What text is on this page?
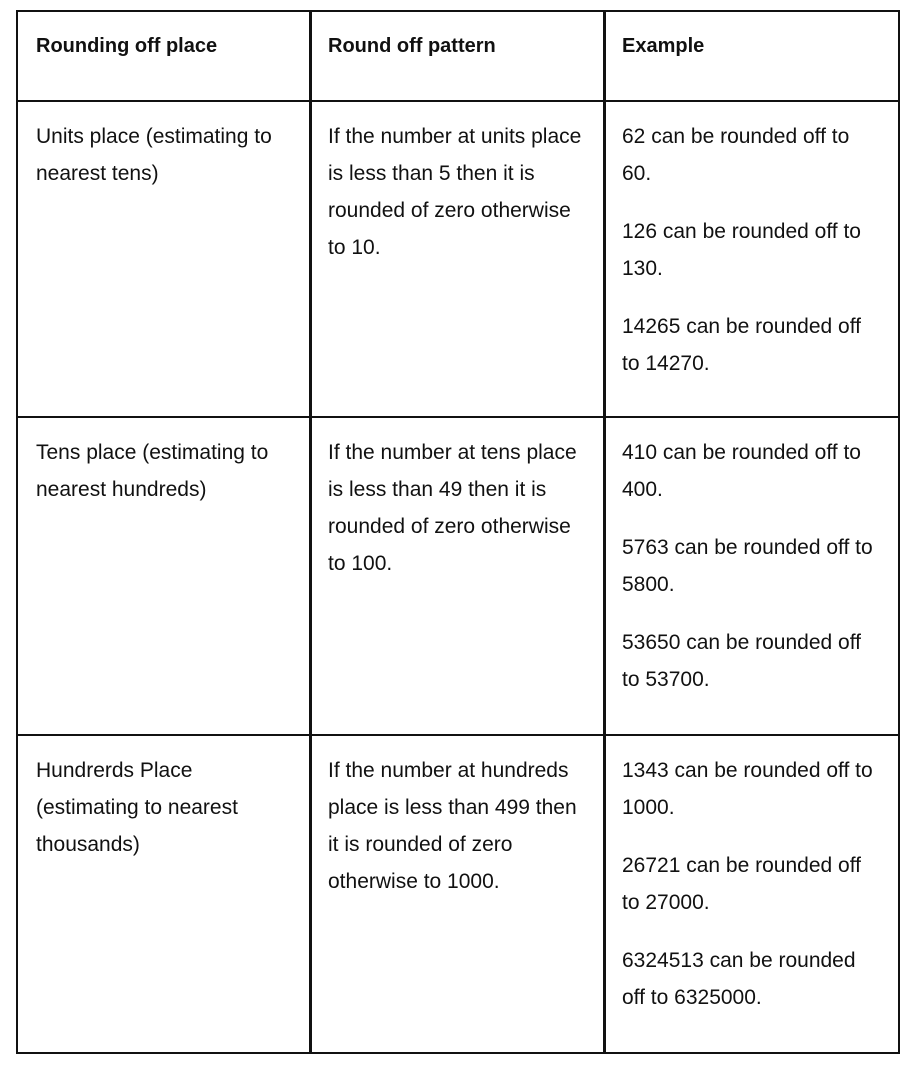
Rounding off place	Round off pattern	Example
Units place (estimating to nearest tens)
If the number at units place is less than 5 then it is rounded of zero otherwise to 10.

62 can be rounded off to 60.

126 can be rounded off to 130.

14265 can be rounded off to 14270.

Tens place (estimating to nearest hundreds)
If the number at tens place is less than 49 then it is rounded of zero otherwise to 100.

410 can be rounded off to 400.

5763 can be rounded off to 5800.

53650 can be rounded off to 53700.

Hundrerds Place (estimating to nearest thousands)
If the number at hundreds place is less than 499 then it is rounded of zero otherwise to 1000.

1343 can be rounded off to 1000.

26721 can be rounded off to 27000.

6324513 can be rounded off to 6325000.
